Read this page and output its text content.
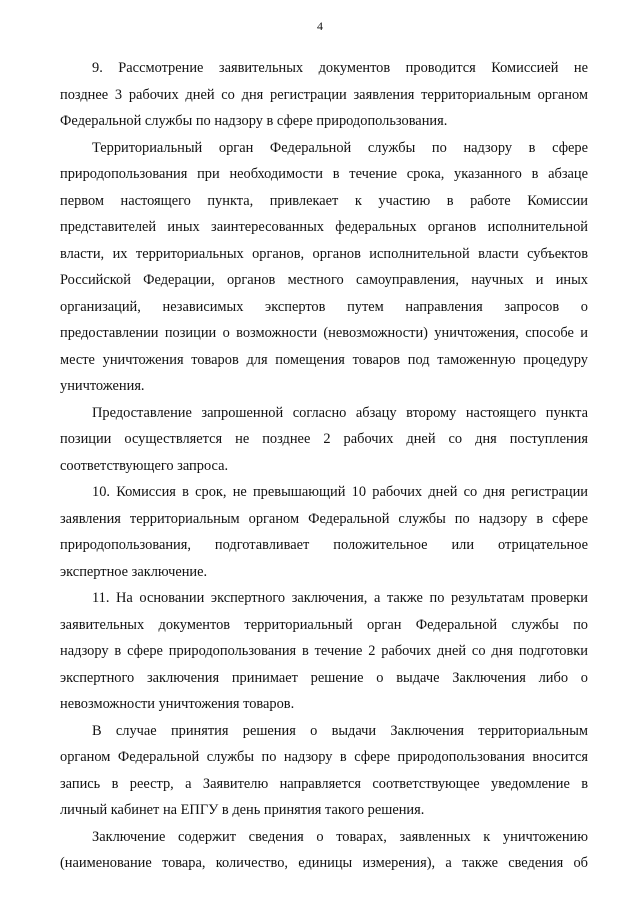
4
9. Рассмотрение заявительных документов проводится Комиссией не
позднее 3 рабочих дней со дня регистрации заявления территориальным органом
Федеральной службы по надзору в сфере природопользования.
Территориальный орган Федеральной службы по надзору в сфере
природопользования при необходимости в течение срока, указанного в абзаце
первом настоящего пункта, привлекает к участию в работе Комиссии
представителей иных заинтересованных федеральных органов исполнительной
власти, их территориальных органов, органов исполнительной власти субъектов
Российской Федерации, органов местного самоуправления, научных и иных
организаций, независимых экспертов путем направления запросов о
предоставлении позиции о возможности (невозможности) уничтожения, способе и
месте уничтожения товаров для помещения товаров под таможенную процедуру
уничтожения.
Предоставление запрошенной согласно абзацу второму настоящего пункта
позиции осуществляется не позднее 2 рабочих дней со дня поступления
соответствующего запроса.
10. Комиссия в срок, не превышающий 10 рабочих дней со дня регистрации
заявления территориальным органом Федеральной службы по надзору в сфере
природопользования, подготавливает положительное или отрицательное
экспертное заключение.
11. На основании экспертного заключения, а также по результатам проверки
заявительных документов территориальный орган Федеральной службы по
надзору в сфере природопользования в течение 2 рабочих дней со дня подготовки
экспертного заключения принимает решение о выдаче Заключения либо о
невозможности уничтожения товаров.
В случае принятия решения о выдачи Заключения территориальным
органом Федеральной службы по надзору в сфере природопользования вносится
запись в реестр, а Заявителю направляется соответствующее уведомление в
личный кабинет на ЕПГУ в день принятия такого решения.
Заключение содержит сведения о товарах, заявленных к уничтожению
(наименование товара, количество, единицы измерения), а также сведения об
